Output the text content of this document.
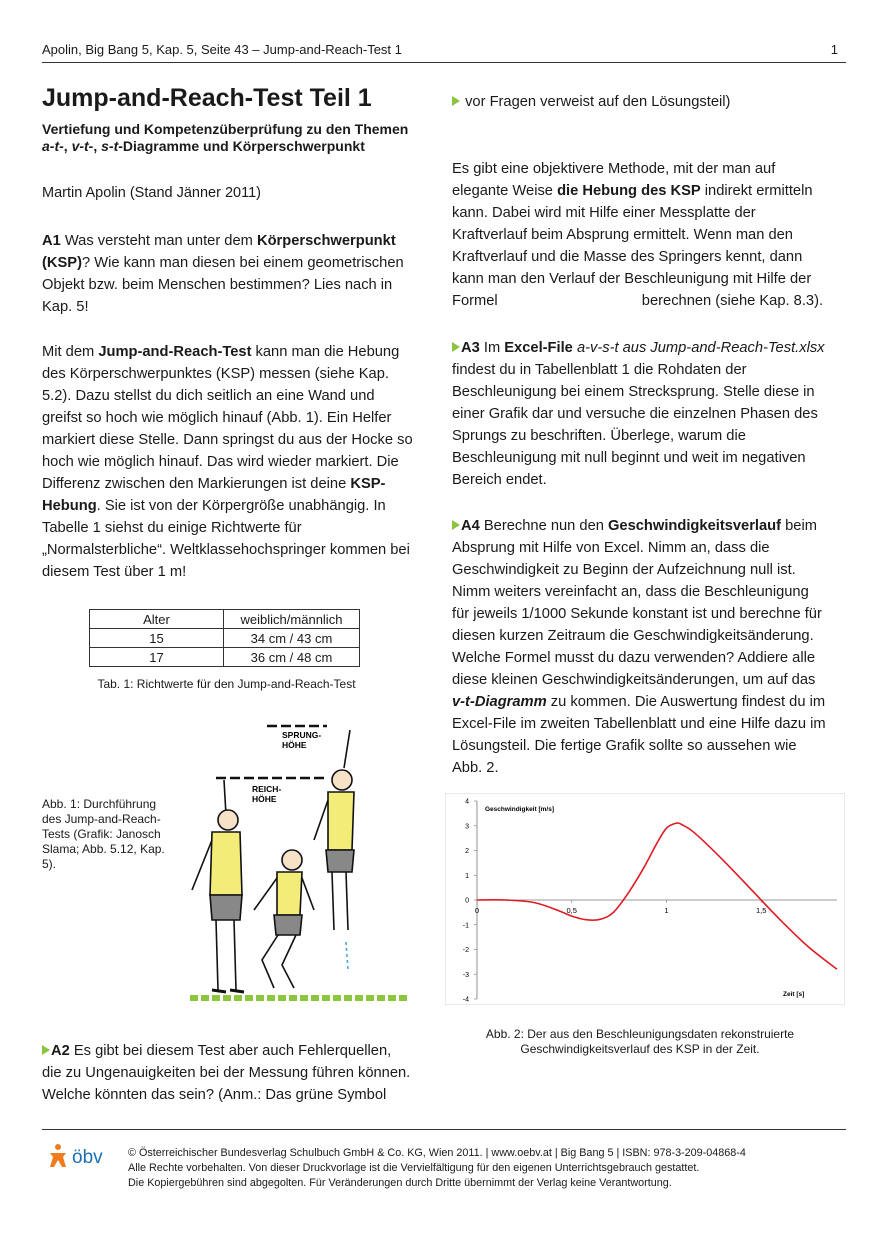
Apolin, Big Bang 5, Kap. 5, Seite 43 – Jump-and-Reach-Test 1	1
Jump-and-Reach-Test Teil 1
Vertiefung und Kompetenzüberprüfung zu den Themen a-t-, v-t-, s-t-Diagramme und Körperschwerpunkt
Martin Apolin (Stand Jänner 2011)

A1 Was versteht man unter dem Körperschwerpunkt (KSP)? Wie kann man diesen bei einem geometrischen Objekt bzw. beim Menschen bestimmen? Lies nach in Kap. 5!

Mit dem Jump-and-Reach-Test kann man die Hebung des Körperschwerpunktes (KSP) messen (siehe Kap. 5.2). Dazu stellst du dich seitlich an eine Wand und greifst so hoch wie möglich hinauf (Abb. 1). Ein Helfer markiert diese Stelle. Dann springst du aus der Hocke so hoch wie möglich hinauf. Das wird wieder markiert. Die Differenz zwischen den Markierungen ist deine KSP-Hebung. Sie ist von der Körpergröße unabhängig. In Tabelle 1 siehst du einige Richtwerte für „Normalsterbliche“. Weltklassehochspringer kommen bei diesem Test über 1 m!

Alter	weiblich/männlich
15	34 cm / 43 cm
17	36 cm / 48 cm
Tab. 1: Richtwerte für den Jump-and-Reach-Test
Abb. 1: Durchführung des Jump-and-Reach-Tests (Grafik: Janosch Slama; Abb. 5.12, Kap. 5).
SPRUNG-
HÖHE
REICH-
HÖHE

A2 Es gibt bei diesem Test aber auch Fehlerquellen, die zu Ungenauigkeiten bei der Messung führen können. Welche könnten das sein? (Anm.: Das grüne Symbol

vor Fragen verweist auf den Lösungsteil)

Es gibt eine objektivere Methode, mit der man auf elegante Weise die Hebung des KSP indirekt ermitteln kann. Dabei wird mit Hilfe einer Messplatte der Kraftverlauf beim Absprung ermittelt. Wenn man den Kraftverlauf und die Masse des Springers kennt, dann kann man den Verlauf der Beschleunigung mit Hilfe der Formel	berechnen (siehe Kap. 8.3).

A3 Im Excel-File a-v-s-t aus Jump-and-Reach-Test.xlsx findest du in Tabellenblatt 1 die Rohdaten der Beschleunigung bei einem Strecksprung. Stelle diese in einer Grafik dar und versuche die einzelnen Phasen des Sprungs zu beschriften. Überlege, warum die Beschleunigung mit null beginnt und weit im negativen Bereich endet.

A4 Berechne nun den Geschwindigkeitsverlauf beim Absprung mit Hilfe von Excel. Nimm an, dass die Geschwindigkeit zu Beginn der Aufzeichnung null ist. Nimm weiters vereinfacht an, dass die Beschleunigung für jeweils 1/1000 Sekunde konstant ist und berechne für diesen kurzen Zeitraum die Geschwindigkeitsänderung. Welche Formel musst du dazu verwenden? Addiere alle diese kleinen Geschwindigkeitsänderungen, um auf das v-t-Diagramm zu kommen. Die Auswertung findest du im Excel-File im zweiten Tabellenblatt und eine Hilfe dazu im Lösungsteil. Die fertige Grafik sollte so aussehen wie Abb. 2.

4
3
2
1
0
-1
-2
-3
-4
0	0,5	1	1,5
Geschwindigkeit [m/s]
Zeit [s]
Abb. 2: Der aus den Beschleunigungsdaten rekonstruierte Geschwindigkeitsverlauf des KSP in der Zeit.
öbv © Österreichischer Bundesverlag Schulbuch GmbH & Co. KG, Wien 2011. | www.oebv.at | Big Bang 5 | ISBN: 978-3-209-04868-4
Alle Rechte vorbehalten. Von dieser Druckvorlage ist die Vervielfältigung für den eigenen Unterrichtsgebrauch gestattet.
Die Kopiergebühren sind abgegolten. Für Veränderungen durch Dritte übernimmt der Verlag keine Verantwortung.
